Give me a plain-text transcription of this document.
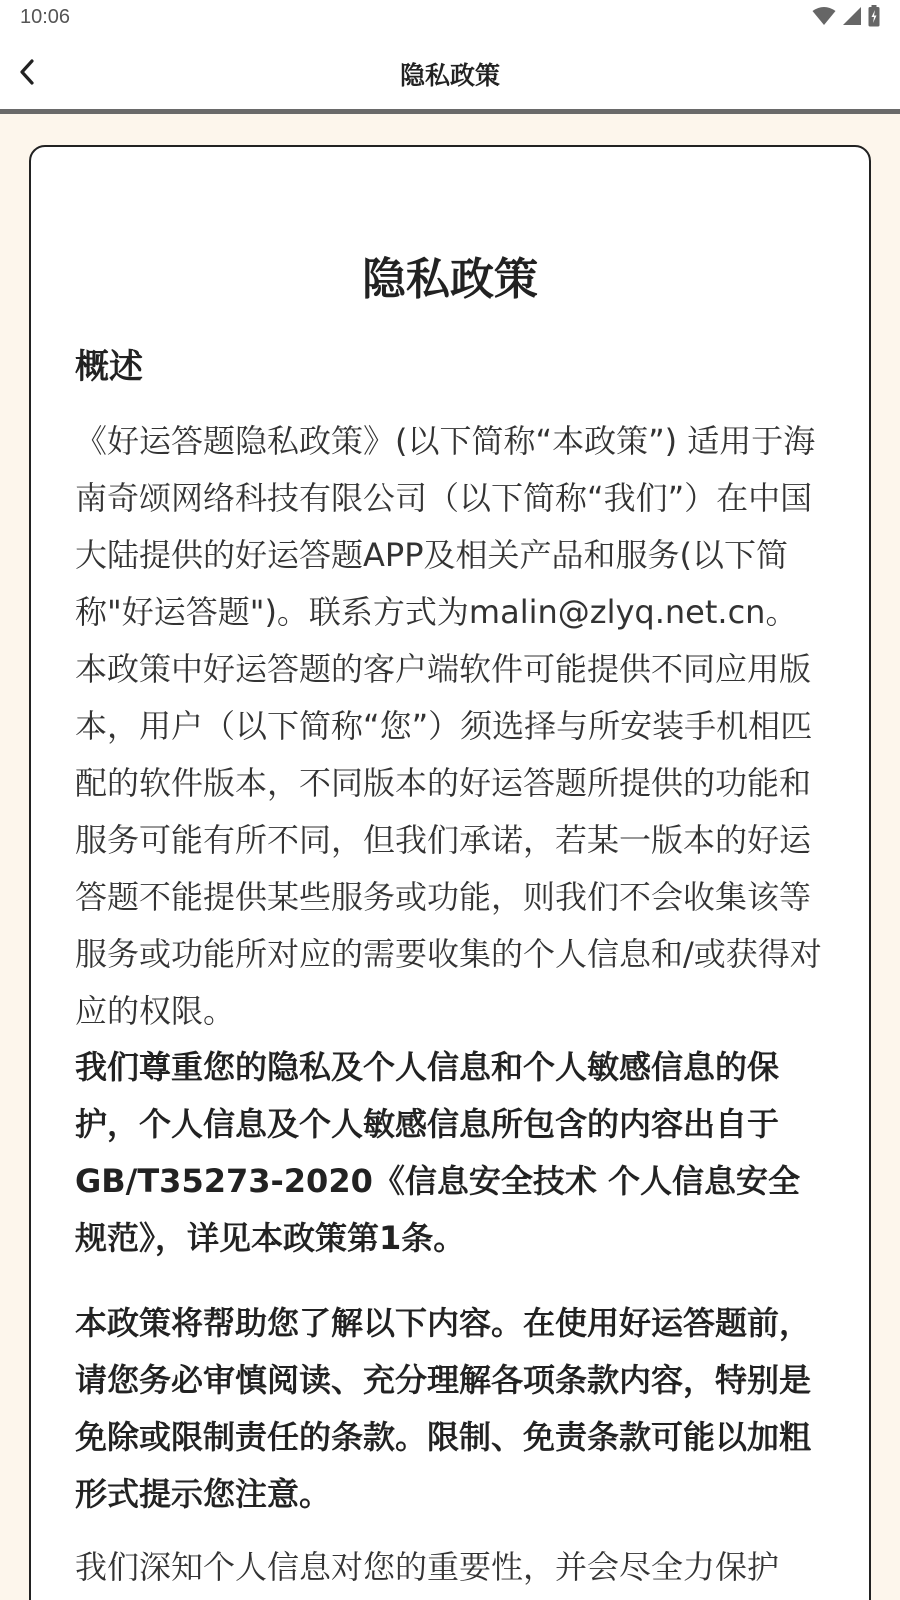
10:06
隐私政策
隐私政策
概述

《好运答题隐私政策》(以下简称“本政策”) 适用于海南奇颂网络科技有限公司（以下简称“我们”）在中国大陆提供的好运答题APP及相关产品和服务(以下简称"好运答题")。联系方式为malin@zlyq.net.cn。本政策中好运答题的客户端软件可能提供不同应用版本，用户（以下简称“您”）须选择与所安装手机相匹配的软件版本，不同版本的好运答题所提供的功能和服务可能有所不同，但我们承诺，若某一版本的好运答题不能提供某些服务或功能，则我们不会收集该等服务或功能所对应的需要收集的个人信息和/或获得对应的权限。

我们尊重您的隐私及个人信息和个人敏感信息的保护，个人信息及个人敏感信息所包含的内容出自于GB/T35273-2020《信息安全技术 个人信息安全规范》，详见本政策第1条。

本政策将帮助您了解以下内容。在使用好运答题前，请您务必审慎阅读、充分理解各项条款内容，特别是免除或限制责任的条款。限制、免责条款可能以加粗形式提示您注意。

我们深知个人信息对您的重要性，并会尽全力保护
